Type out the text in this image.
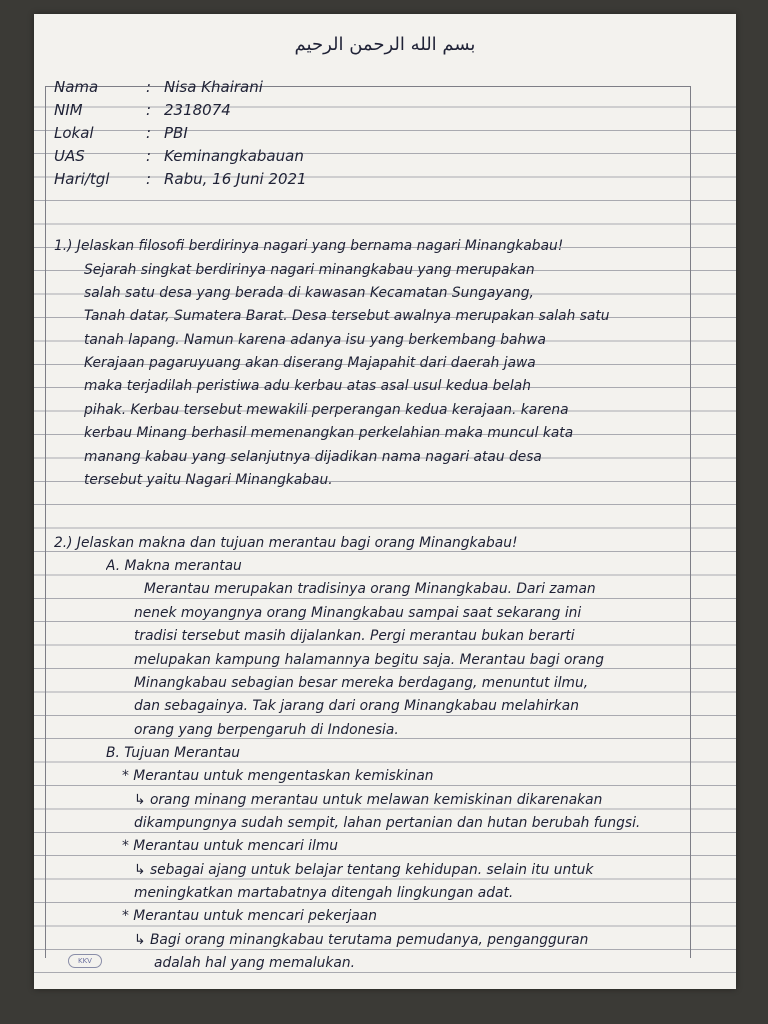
بسم الله الرحمن الرحيم
Nama	: Nisa Khairani
NIM	: 2318074
Lokal	: PBI
UAS	: Keminangkabauan
Hari/tgl : Rabu, 16 Juni 2021
1.) Jelaskan filosofi berdirinya nagari yang bernama nagari Minangkabau!
Sejarah singkat berdirinya nagari minangkabau yang merupakan
salah satu desa yang berada di kawasan Kecamatan Sungayang,
Tanah datar, Sumatera Barat. Desa tersebut awalnya merupakan salah satu
tanah lapang. Namun karena adanya isu yang berkembang bahwa
Kerajaan pagaruyuang akan diserang Majapahit dari daerah jawa
maka terjadilah peristiwa adu kerbau atas asal usul kedua belah
pihak. Kerbau tersebut mewakili perperangan kedua kerajaan. karena
kerbau Minang berhasil memenangkan perkelahian maka muncul kata
manang kabau yang selanjutnya dijadikan nama nagari atau desa
tersebut yaitu Nagari Minangkabau.
2.) Jelaskan makna dan tujuan merantau bagi orang Minangkabau!
A. Makna merantau
Merantau merupakan tradisinya orang Minangkabau. Dari zaman
nenek moyangnya orang Minangkabau sampai saat sekarang ini
tradisi tersebut masih dijalankan. Pergi merantau bukan berarti
melupakan kampung halamannya begitu saja. Merantau bagi orang
Minangkabau sebagian besar mereka berdagang, menuntut ilmu,
dan sebagainya. Tak jarang dari orang Minangkabau melahirkan
orang yang berpengaruh di Indonesia.
B. Tujuan Merantau
* Merantau untuk mengentaskan kemiskinan
↳ orang minang merantau untuk melawan kemiskinan dikarenakan
dikampungnya sudah sempit, lahan pertanian dan hutan berubah fungsi.
* Merantau untuk mencari ilmu
↳ sebagai ajang untuk belajar tentang kehidupan. selain itu untuk
meningkatkan martabatnya ditengah lingkungan adat.
* Merantau untuk mencari pekerjaan
↳ Bagi orang minangkabau terutama pemudanya, pengangguran
adalah hal yang memalukan.
KKV
